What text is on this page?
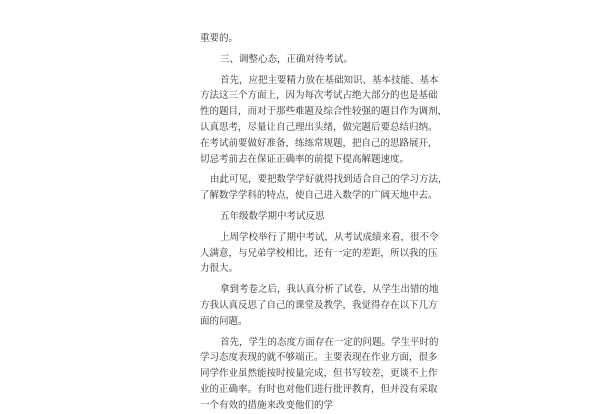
重要的。
三、调整心态，正确对待考试。
首先，应把主要精力放在基础知识、基本技能、基本
方法这三个方面上，因为每次考试占绝大部分的也是基础
性的题目，而对于那些难题及综合性较强的题目作为调剂，
认真思考，尽量让自己理出头绪，做完题后要总结归纳。
在考试前要做好准备，练练常规题，把自己的思路展开，
切忌考前去在保证正确率的前提下提高解题速度。
由此可见，要把数学学好就得找到适合自己的学习方法，
了解数学学科的特点，使自己进入数学的广阔天地中去。
五年级数学期中考试反思
上周学校举行了期中考试，从考试成绩来看，很不令
人满意，与兄弟学校相比，还有一定的差距，所以我的压
力很大。
拿到考卷之后，我认真分析了试卷，从学生出错的地
方我认真反思了自己的课堂及教学，我觉得存在以下几方
面的问题。
首先，学生的态度方面存在一定的问题。学生平时的
学习态度表现的就不够端正。主要表现在作业方面，很多
同学作业虽然能按时按量完成，但书写较差，更谈不上作
业的正确率。有时也对他们进行批评教育，但并没有采取
一个有效的措施来改变他们的学
